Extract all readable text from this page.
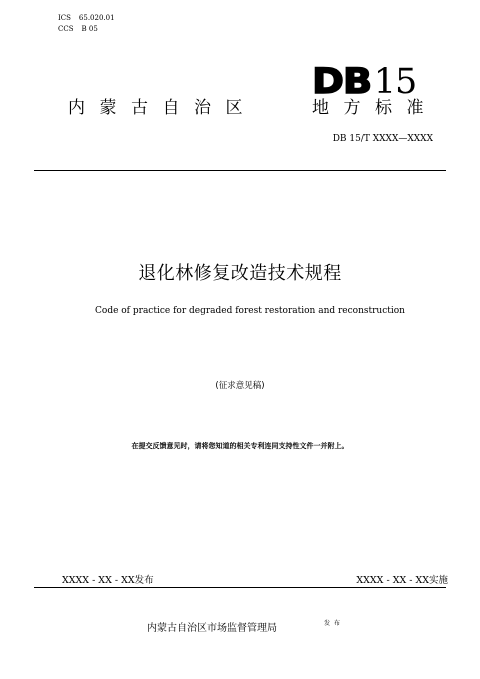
ICS 65.020.01
CCS B 05
DB15
内蒙古自治区	地方标准
DB 15/T XXXX—XXXX
退化林修复改造技术规程
Code of practice for degraded forest restoration and reconstruction
(征求意见稿)
在提交反馈意见时，请将您知道的相关专利连同支持性文件一并附上。
XXXX - XX - XX发布	XXXX - XX - XX实施
内蒙古自治区市场监督管理局	发布
